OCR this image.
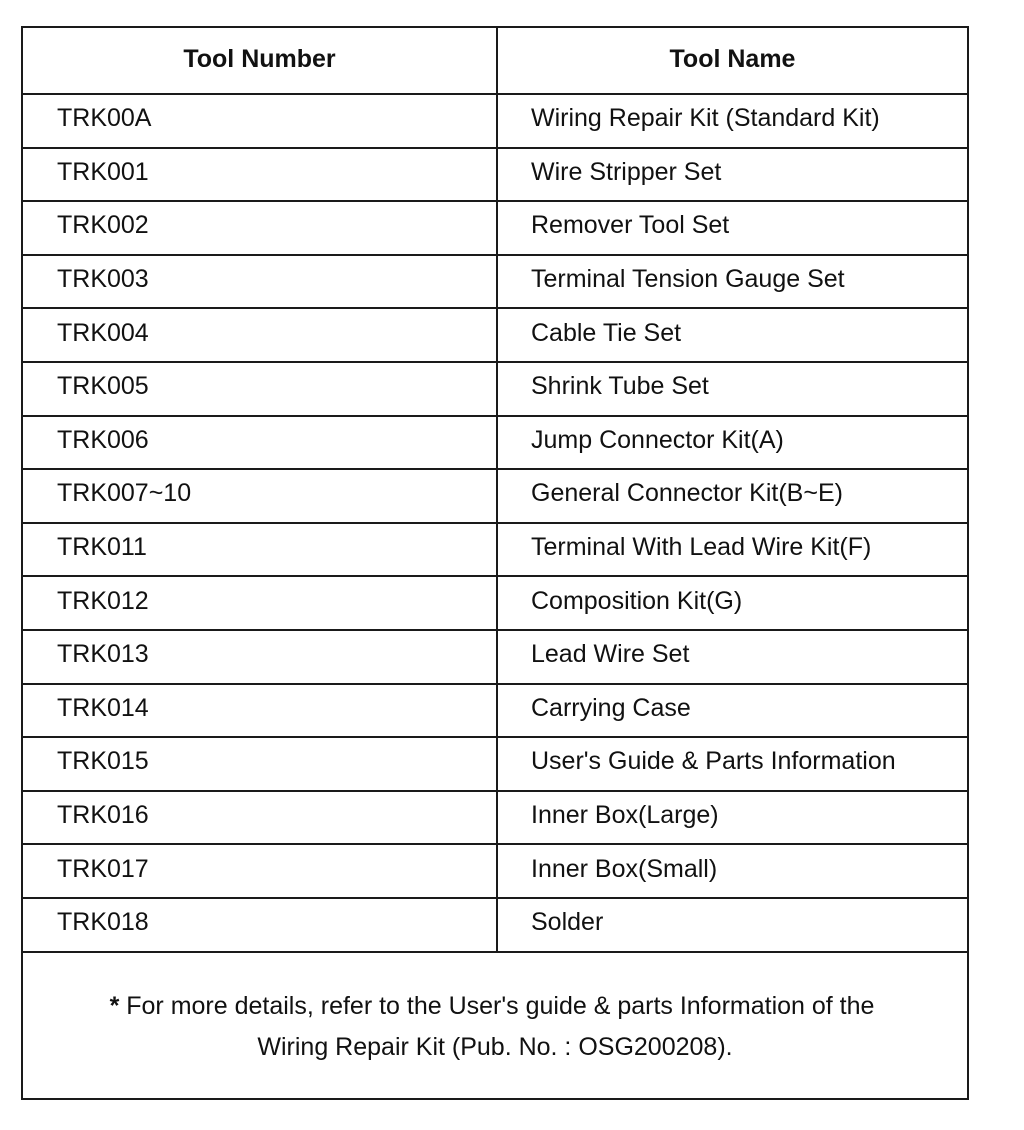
Tool Number	Tool Name
TRK00A	Wiring Repair Kit (Standard Kit)
TRK001	Wire Stripper Set
TRK002	Remover Tool Set
TRK003	Terminal Tension Gauge Set
TRK004	Cable Tie Set
TRK005	Shrink Tube Set
TRK006	Jump Connector Kit(A)
TRK007~10	General Connector Kit(B~E)
TRK011	Terminal With Lead Wire Kit(F)
TRK012	Composition Kit(G)
TRK013	Lead Wire Set
TRK014	Carrying Case
TRK015	User's Guide & Parts Information
TRK016	Inner Box(Large)
TRK017	Inner Box(Small)
TRK018	Solder
* For more details, refer to the User's guide & parts Information of the
Wiring Repair Kit (Pub. No. : OSG200208).
